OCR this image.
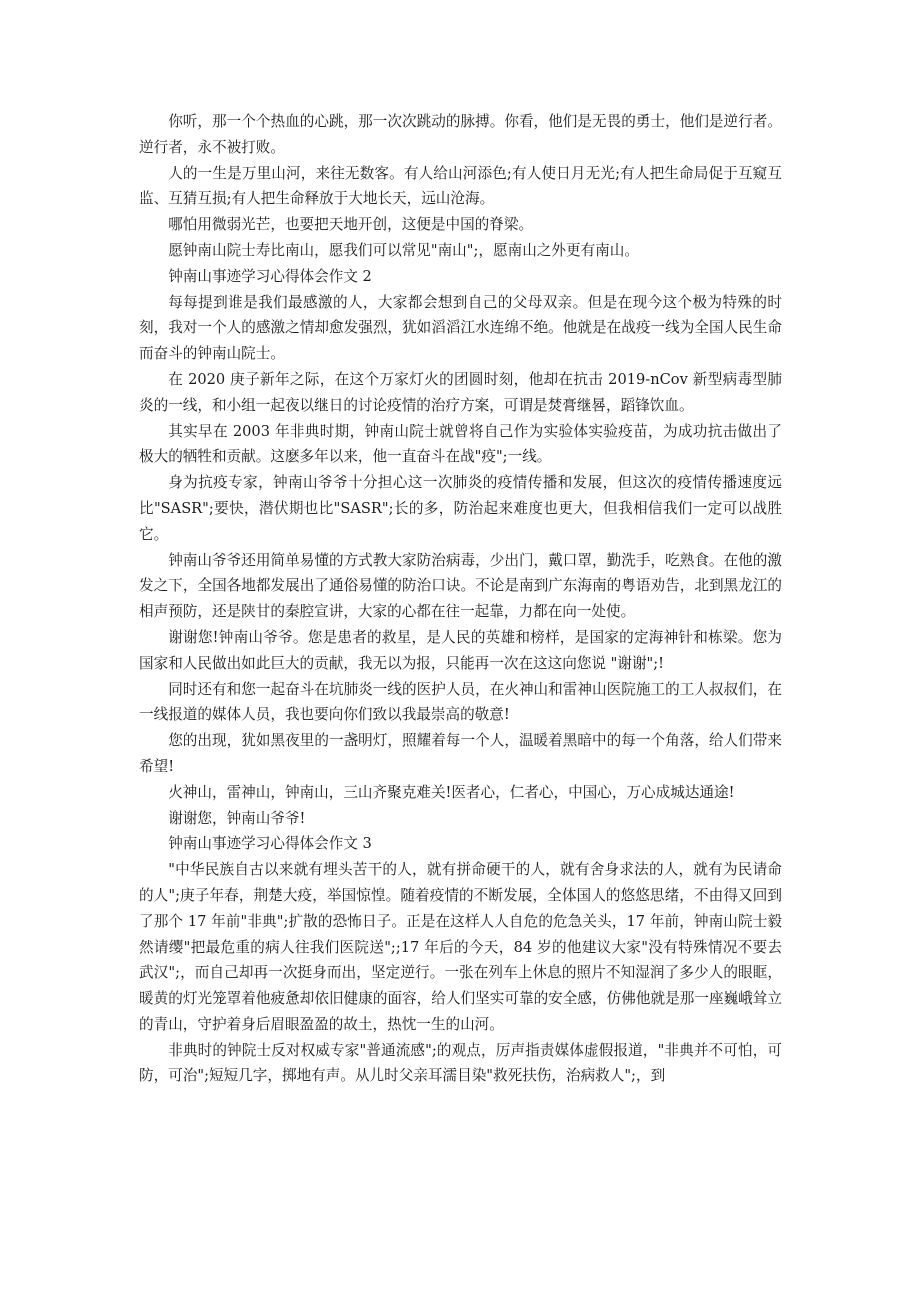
你听，那一个个热血的心跳，那一次次跳动的脉搏。你看，他们是无畏的勇士，他们是逆行者。逆行者，永不被打败。

人的一生是万里山河，来往无数客。有人给山河添色;有人使日月无光;有人把生命局促于互窥互监、互猜互损;有人把生命释放于大地长天，远山沧海。

哪怕用微弱光芒，也要把天地开创，这便是中国的脊梁。

愿钟南山院士寿比南山，愿我们可以常见"南山";，愿南山之外更有南山。

钟南山事迹学习心得体会作文 2

每每提到谁是我们最感激的人，大家都会想到自己的父母双亲。但是在现今这个极为特殊的时刻，我对一个人的感激之情却愈发强烈，犹如滔滔江水连绵不绝。他就是在战疫一线为全国人民生命而奋斗的钟南山院士。

在 2020 庚子新年之际，在这个万家灯火的团圆时刻，他却在抗击 2019-nCov 新型病毒型肺炎的一线，和小组一起夜以继日的讨论疫情的治疗方案，可谓是焚膏继晷，蹈锋饮血。

其实早在 2003 年非典时期，钟南山院士就曾将自己作为实验体实验疫苗，为成功抗击做出了极大的牺牲和贡献。这麽多年以来，他一直奋斗在战"疫";一线。

身为抗疫专家，钟南山爷爷十分担心这一次肺炎的疫情传播和发展，但这次的疫情传播速度远比"SASR";要快，潜伏期也比"SASR";长的多，防治起来难度也更大，但我相信我们一定可以战胜它。

钟南山爷爷还用简单易懂的方式教大家防治病毒，少出门，戴口罩，勤洗手，吃熟食。在他的激发之下，全国各地都发展出了通俗易懂的防治口诀。不论是南到广东海南的粤语劝告，北到黑龙江的相声预防，还是陕甘的秦腔宣讲，大家的心都在往一起靠，力都在向一处使。

谢谢您!钟南山爷爷。您是患者的救星，是人民的英雄和榜样，是国家的定海神针和栋梁。您为国家和人民做出如此巨大的贡献，我无以为报，只能再一次在这这向您说 "谢谢";!

同时还有和您一起奋斗在坑肺炎一线的医护人员，在火神山和雷神山医院施工的工人叔叔们，在一线报道的媒体人员，我也要向你们致以我最崇高的敬意!

您的出现，犹如黑夜里的一盏明灯，照耀着每一个人，温暖着黑暗中的每一个角落，给人们带来希望!

火神山，雷神山，钟南山，三山齐聚克难关!医者心，仁者心，中国心，万心成城达通途!

谢谢您，钟南山爷爷!

钟南山事迹学习心得体会作文 3

"中华民族自古以来就有埋头苦干的人，就有拼命硬干的人，就有舍身求法的人，就有为民请命的人";庚子年春，荆楚大疫，举国惊惶。随着疫情的不断发展，全体国人的悠悠思绪，不由得又回到了那个 17 年前"非典";扩散的恐怖日子。正是在这样人人自危的危急关头，17 年前，钟南山院士毅然请缨"把最危重的病人往我们医院送";;17 年后的今天，84 岁的他建议大家"没有特殊情况不要去武汉";，而自己却再一次挺身而出，坚定逆行。一张在列车上休息的照片不知湿润了多少人的眼眶，暖黄的灯光笼罩着他疲惫却依旧健康的面容，给人们坚实可靠的安全感，仿佛他就是那一座巍峨耸立的青山，守护着身后眉眼盈盈的故土，热忱一生的山河。

非典时的钟院士反对权威专家"普通流感";的观点，厉声指责媒体虚假报道，"非典并不可怕，可防，可治";短短几字，掷地有声。从儿时父亲耳濡目染"救死扶伤，治病救人";，到
